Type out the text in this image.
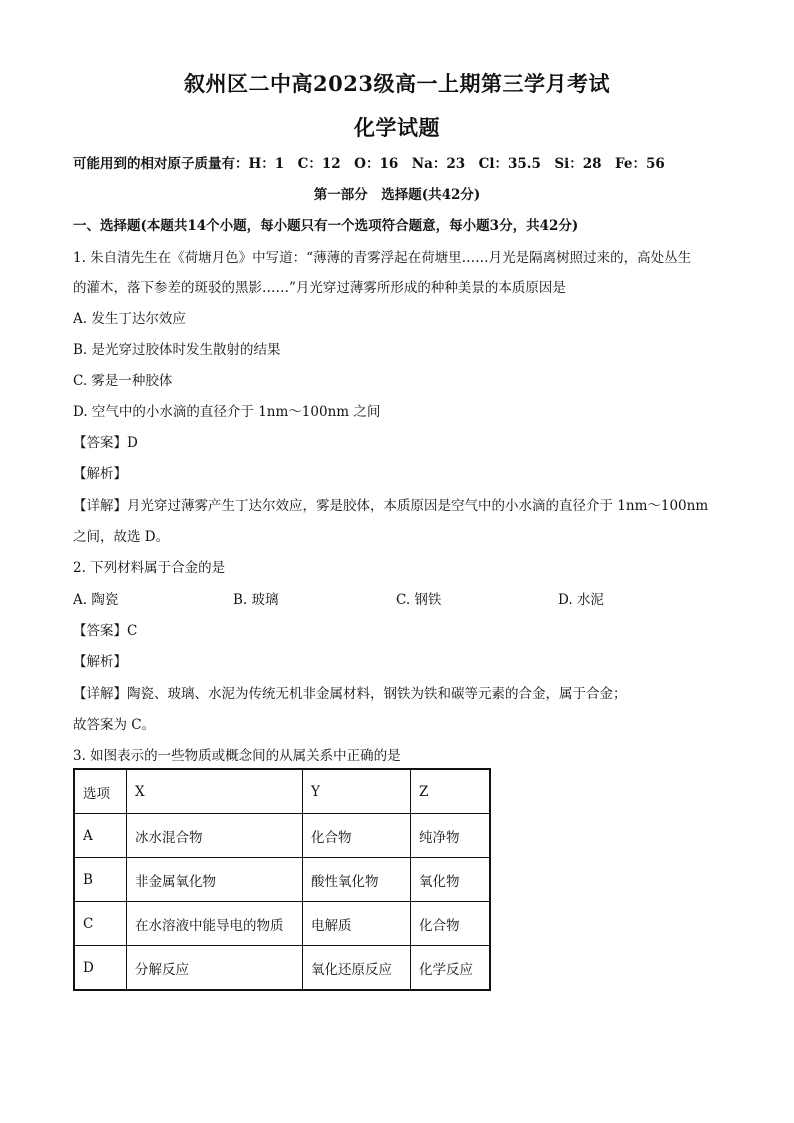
叙州区二中高2023级高一上期第三学月考试
化学试题
可能用到的相对原子质量有：H：1　C：12　O：16　Na：23　Cl：35.5　Si：28　Fe：56
第一部分　选择题(共42分)
一、选择题(本题共14个小题，每小题只有一个选项符合题意，每小题3分，共42分)
1. 朱自清先生在《荷塘月色》中写道：“薄薄的青雾浮起在荷塘里……月光是隔离树照过来的，高处丛生
的灌木，落下参差的斑驳的黑影……”月光穿过薄雾所形成的种种美景的本质原因是
A. 发生丁达尔效应
B. 是光穿过胶体时发生散射的结果
C. 雾是一种胶体
D. 空气中的小水滴的直径介于 1nm～100nm 之间
【答案】D
【解析】
【详解】月光穿过薄雾产生丁达尔效应，雾是胶体，本质原因是空气中的小水滴的直径介于 1nm～100nm
之间，故选 D。
2. 下列材料属于合金的是
A. 陶瓷	B. 玻璃	C. 钢铁	D. 水泥
【答案】C
【解析】
【详解】陶瓷、玻璃、水泥为传统无机非金属材料，钢铁为铁和碳等元素的合金，属于合金；
故答案为 C。
3. 如图表示的一些物质或概念间的从属关系中正确的是
选项	X	Y	Z
A	冰水混合物	化合物	纯净物
B	非金属氧化物	酸性氧化物	氧化物
C	在水溶液中能导电的物质	电解质	化合物
D	分解反应	氧化还原反应	化学反应
